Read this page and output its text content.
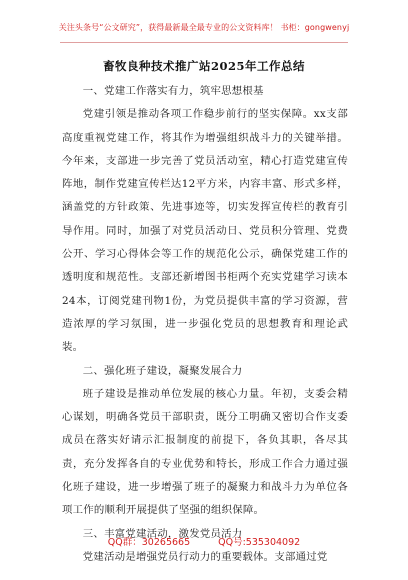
关注头条号“公文研究”，获得最新最全最专业的公文资料库！ 书柜：gongwenyj
畜牧良种技术推广站2025年工作总结

一、党建工作落实有力，筑牢思想根基

党建引领是推动各项工作稳步前行的坚实保障。xx支部高度重视党建工作，将其作为增强组织战斗力的关键举措。今年来，支部进一步完善了党员活动室，精心打造党建宣传阵地，制作党建宣传栏达12平方米，内容丰富、形式多样，涵盖党的方针政策、先进事迹等，切实发挥宣传栏的教育引导作用。同时，加强了对党员活动日、党员积分管理、党费公开、学习心得体会等工作的规范化公示，确保党建工作的透明度和规范性。支部还新增图书柜两个充实党建学习读本24本，订阅党建刊物1份，为党员提供丰富的学习资源，营造浓厚的学习氛围，进一步强化党员的思想教育和理论武装。

二、强化班子建设，凝聚发展合力

班子建设是推动单位发展的核心力量。年初，支委会精心谋划，明确各党员干部职责，既分工明确又密切合作支委成员在落实好请示汇报制度的前提下，各负其职，各尽其责，充分发挥各自的专业优势和特长，形成工作合力通过强化班子建设，进一步增强了班子的凝聚力和战斗力为单位各项工作的顺利开展提供了坚强的组织保障。

三、丰富党建活动，激发党员活力

党建活动是增强党员行动力的重要载体。支部通过党

QQ群：30265665	QQ号:535304092
